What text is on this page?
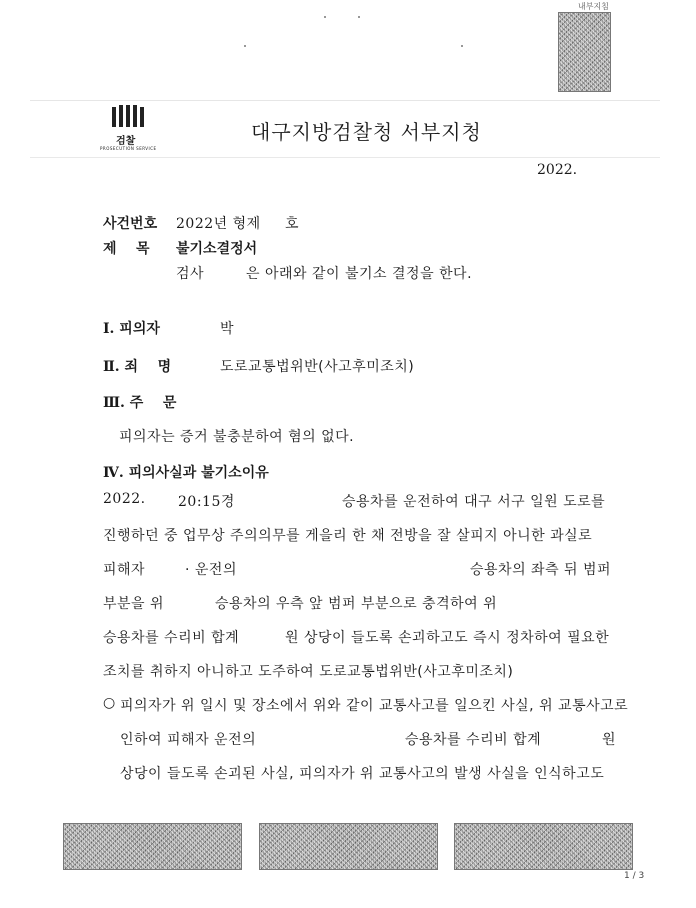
내부지침
검찰
PROSECUTION SERVICE
대구지방검찰청 서부지청
2022.
사건번호 2022년 형제 호
제    목 불기소결정서
검사	은 아래와 같이 불기소 결정을 한다.
Ⅰ. 피의자	박
Ⅱ. 죄    명	도로교통법위반(사고후미조치)
Ⅲ. 주    문
피의자는 증거 불충분하여 혐의 없다.
Ⅳ. 피의사실과 불기소이유
2022. 20:15경	승용차를 운전하여 대구 서구 일원 도로를
진행하던 중 업무상 주의의무를 게을리 한 채 전방을 잘 살피지 아니한 과실로
피해자	· 운전의	승용차의 좌측 뒤 범퍼
부분을 위	승용차의 우측 앞 범퍼 부분으로 충격하여 위
승용차를 수리비 합계	원 상당이 들도록 손괴하고도 즉시 정차하여 필요한
조치를 취하지 아니하고 도주하여 도로교통법위반(사고후미조치)
○ 피의자가 위 일시 및 장소에서 위와 같이 교통사고를 일으킨 사실, 위 교통사고로
인하여 피해자 운전의	승용차를 수리비 합계	원
상당이 들도록 손괴된 사실, 피의자가 위 교통사고의 발생 사실을 인식하고도
1 / 3
